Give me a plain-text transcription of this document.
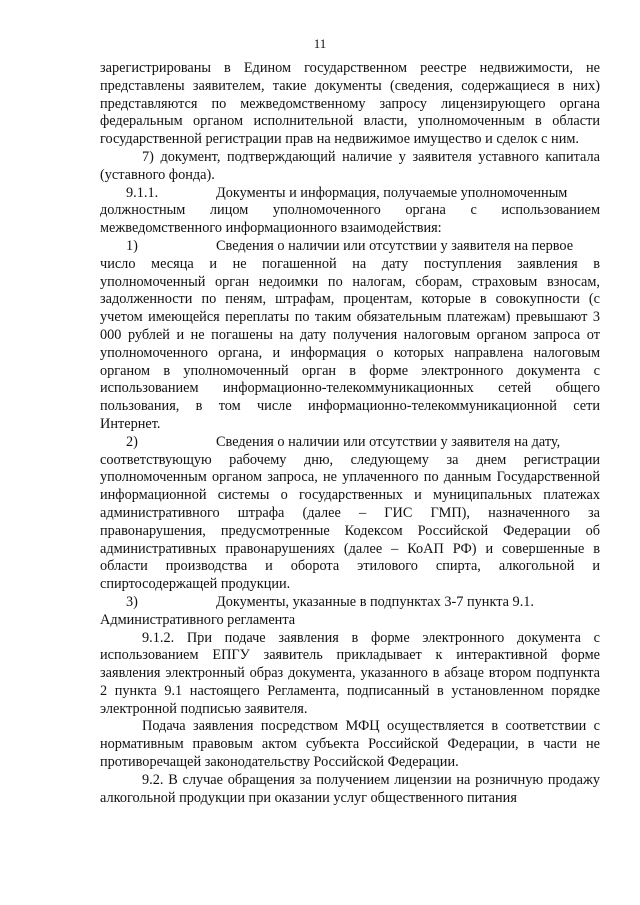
11

зарегистрированы в Едином государственном реестре недвижимости, не представлены заявителем, такие документы (сведения, содержащиеся в них) представляются по межведомственному запросу лицензирующего органа федеральным органом исполнительной власти, уполномоченным в области государственной регистрации прав на недвижимое имущество и сделок с ним.

7) документ, подтверждающий наличие у заявителя уставного капитала (уставного фонда).

9.1.1.	Документы и информация, получаемые уполномоченным

должностным лицом уполномоченного органа с использованием межведомственного информационного взаимодействия:

1)	Сведения о наличии или отсутствии у заявителя на первое

число месяца и не погашенной на дату поступления заявления в уполномоченный орган недоимки по налогам, сборам, страховым взносам, задолженности по пеням, штрафам, процентам, которые в совокупности (с учетом имеющейся переплаты по таким обязательным платежам) превышают 3 000 рублей и не погашены на дату получения налоговым органом запроса от уполномоченного органа, и информация о которых направлена налоговым органом в уполномоченный орган в форме электронного документа с использованием информационно-телекоммуникационных сетей общего пользования, в том числе информационно-телекоммуникационной сети Интернет.

2)	Сведения о наличии или отсутствии у заявителя на дату,

соответствующую рабочему дню, следующему за днем регистрации уполномоченным органом запроса, не уплаченного по данным Государственной информационной системы о государственных и муниципальных платежах административного штрафа (далее – ГИС ГМП), назначенного за правонарушения, предусмотренные Кодексом Российской Федерации об административных правонарушениях (далее – КоАП РФ) и совершенные в области производства и оборота этилового спирта, алкогольной и спиртосодержащей продукции.

3)	Документы, указанные в подпунктах 3-7 пункта 9.1.

Административного регламента

9.1.2. При подаче заявления в форме электронного документа с использованием ЕПГУ заявитель прикладывает к интерактивной форме заявления электронный образ документа, указанного в абзаце втором подпункта 2 пункта 9.1 настоящего Регламента, подписанный в установленном порядке электронной подписью заявителя.

Подача заявления посредством МФЦ осуществляется в соответствии с нормативным правовым актом субъекта Российской Федерации, в части не противоречащей законодательству Российской Федерации.

9.2. В случае обращения за получением лицензии на розничную продажу алкогольной продукции при оказании услуг общественного питания
